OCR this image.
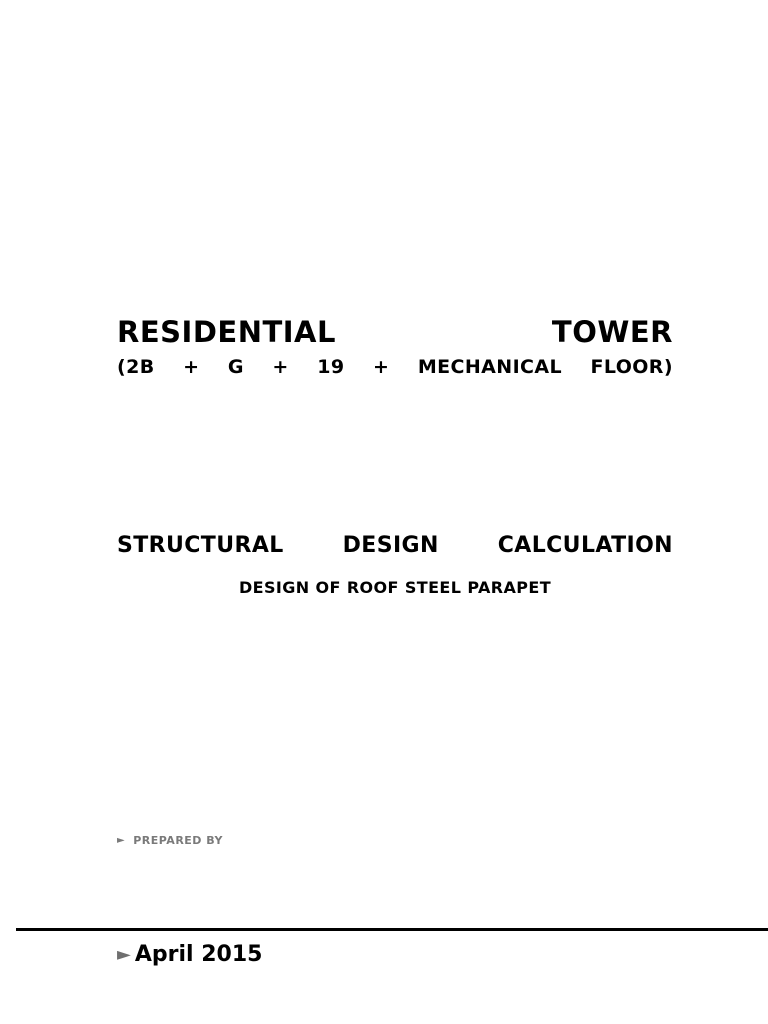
RESIDENTIAL	TOWER
(2B + G + 19 + MECHANICAL FLOOR)
STRUCTURAL	DESIGN	CALCULATION
DESIGN OF ROOF STEEL PARAPET
► PREPARED BY
► April 2015
